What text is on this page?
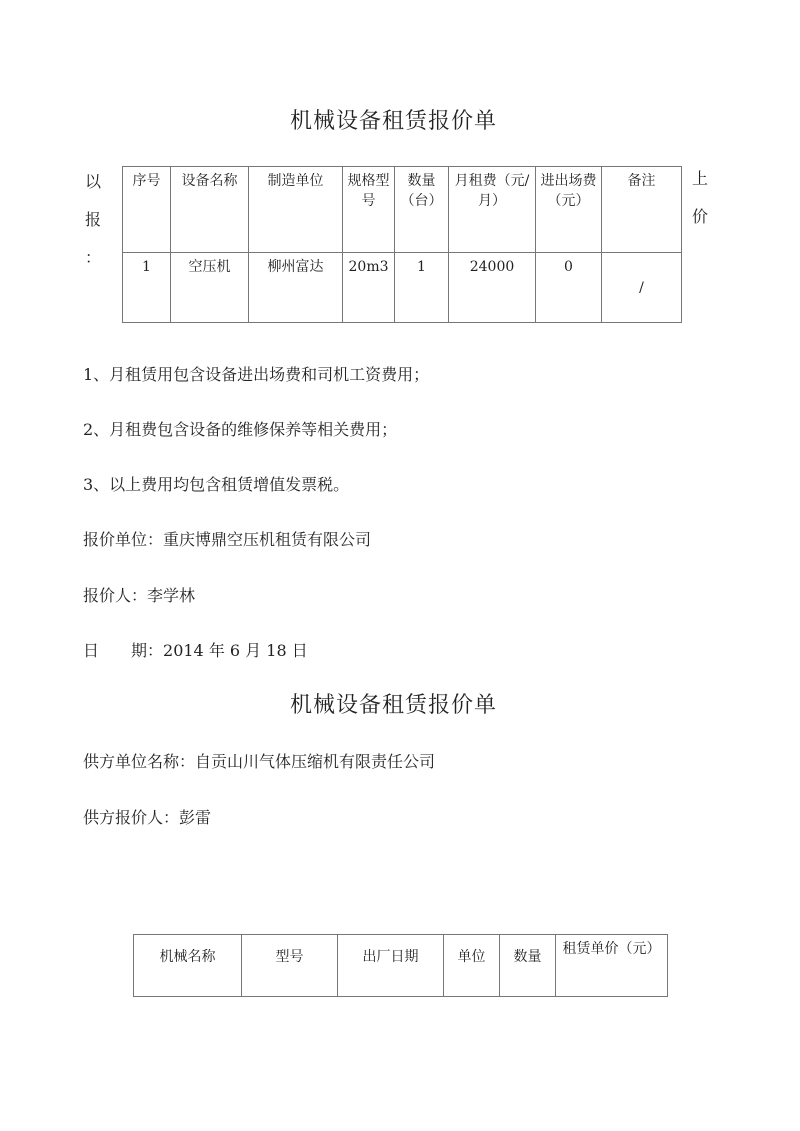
机械设备租赁报价单
以
报
：
上
价
序号	设备名称	制造单位	规格型号	数量（台）	月租费（元/月）	进出场费（元）	备注
1	空压机	柳州富达	20m3	1	24000	0	/
1、月租赁用包含设备进出场费和司机工资费用；
2、月租费包含设备的维修保养等相关费用；
3、以上费用均包含租赁增值发票税。
报价单位：重庆博鼎空压机租赁有限公司
报价人：李学林
日　　期：2014 年 6 月 18 日
机械设备租赁报价单
供方单位名称：自贡山川气体压缩机有限责任公司
供方报价人：彭雷
机械名称	型号	出厂日期	单位	数量	租赁单价（元）
